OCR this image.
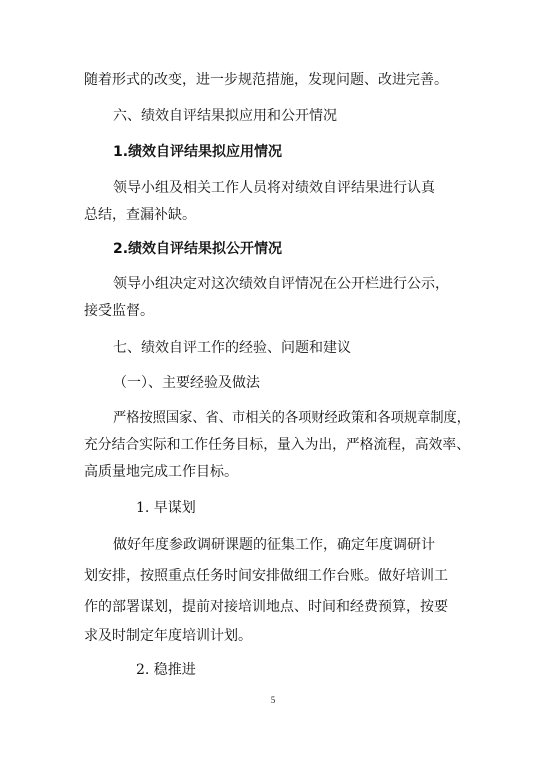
随着形式的改变，进一步规范措施，发现问题、改进完善。
六、绩效自评结果拟应用和公开情况
1.绩效自评结果拟应用情况
领导小组及相关工作人员将对绩效自评结果进行认真
总结，查漏补缺。
2.绩效自评结果拟公开情况
领导小组决定对这次绩效自评情况在公开栏进行公示，
接受监督。
七、绩效自评工作的经验、问题和建议
（一）、主要经验及做法
严格按照国家、省、市相关的各项财经政策和各项规章制度，
充分结合实际和工作任务目标，量入为出，严格流程，高效率、
高质量地完成工作目标。
1. 早谋划
做好年度参政调研课题的征集工作，确定年度调研计
划安排，按照重点任务时间安排做细工作台账。做好培训工
作的部署谋划，提前对接培训地点、时间和经费预算，按要
求及时制定年度培训计划。
2. 稳推进
5
